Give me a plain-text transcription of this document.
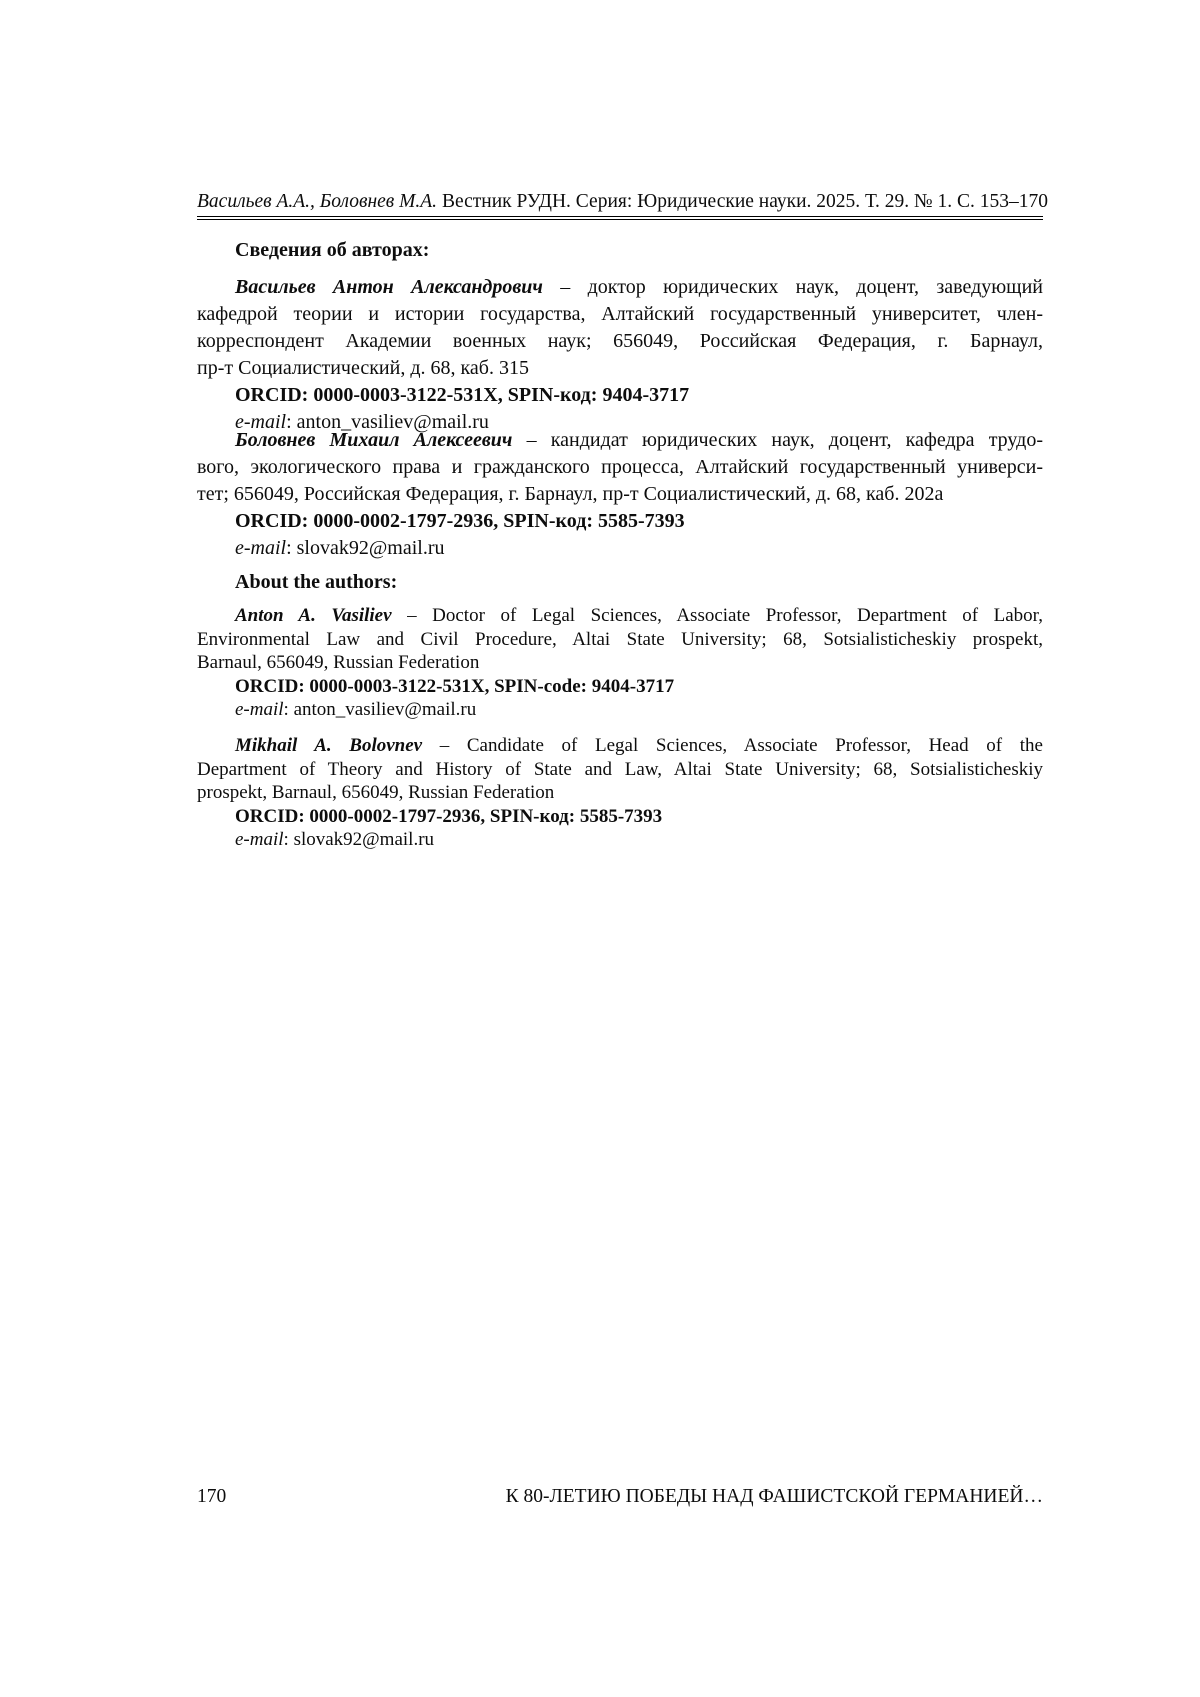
Васильев А.А., Боловнев М.А. Вестник РУДН. Серия: Юридические науки. 2025. Т. 29. № 1. С. 153–170
Сведения об авторах:
Васильев Антон Александрович – доктор юридических наук, доцент, заведующий
кафедрой теории и истории государства, Алтайский государственный университет, член-
корреспондент Академии военных наук; 656049, Российская Федерация, г. Барнаул,
пр-т Социалистический, д. 68, каб. 315
ORCID: 0000-0003-3122-531X, SPIN-код: 9404-3717
e-mail: anton_vasiliev@mail.ru
Боловнев Михаил Алексеевич – кандидат юридических наук, доцент, кафедра трудо-
вого, экологического права и гражданского процесса, Алтайский государственный универси-
тет; 656049, Российская Федерация, г. Барнаул, пр-т Социалистический, д. 68, каб. 202а
ORCID: 0000-0002-1797-2936, SPIN-код: 5585-7393
e-mail: slovak92@mail.ru
About the authors:
Anton A. Vasiliev – Doctor of Legal Sciences, Associate Professor, Department of Labor,
Environmental Law and Civil Procedure, Altai State University; 68, Sotsialisticheskiy prospekt,
Barnaul, 656049, Russian Federation
ORCID: 0000-0003-3122-531X, SPIN-code: 9404-3717
e-mail: anton_vasiliev@mail.ru
Mikhail A. Bolovnev – Candidate of Legal Sciences, Associate Professor, Head of the
Department of Theory and History of State and Law, Altai State University; 68, Sotsialisticheskiy
prospekt, Barnaul, 656049, Russian Federation
ORCID: 0000-0002-1797-2936, SPIN-код: 5585-7393
e-mail: slovak92@mail.ru
170	К 80-ЛЕТИЮ ПОБЕДЫ НАД ФАШИСТСКОЙ ГЕРМАНИЕЙ…
